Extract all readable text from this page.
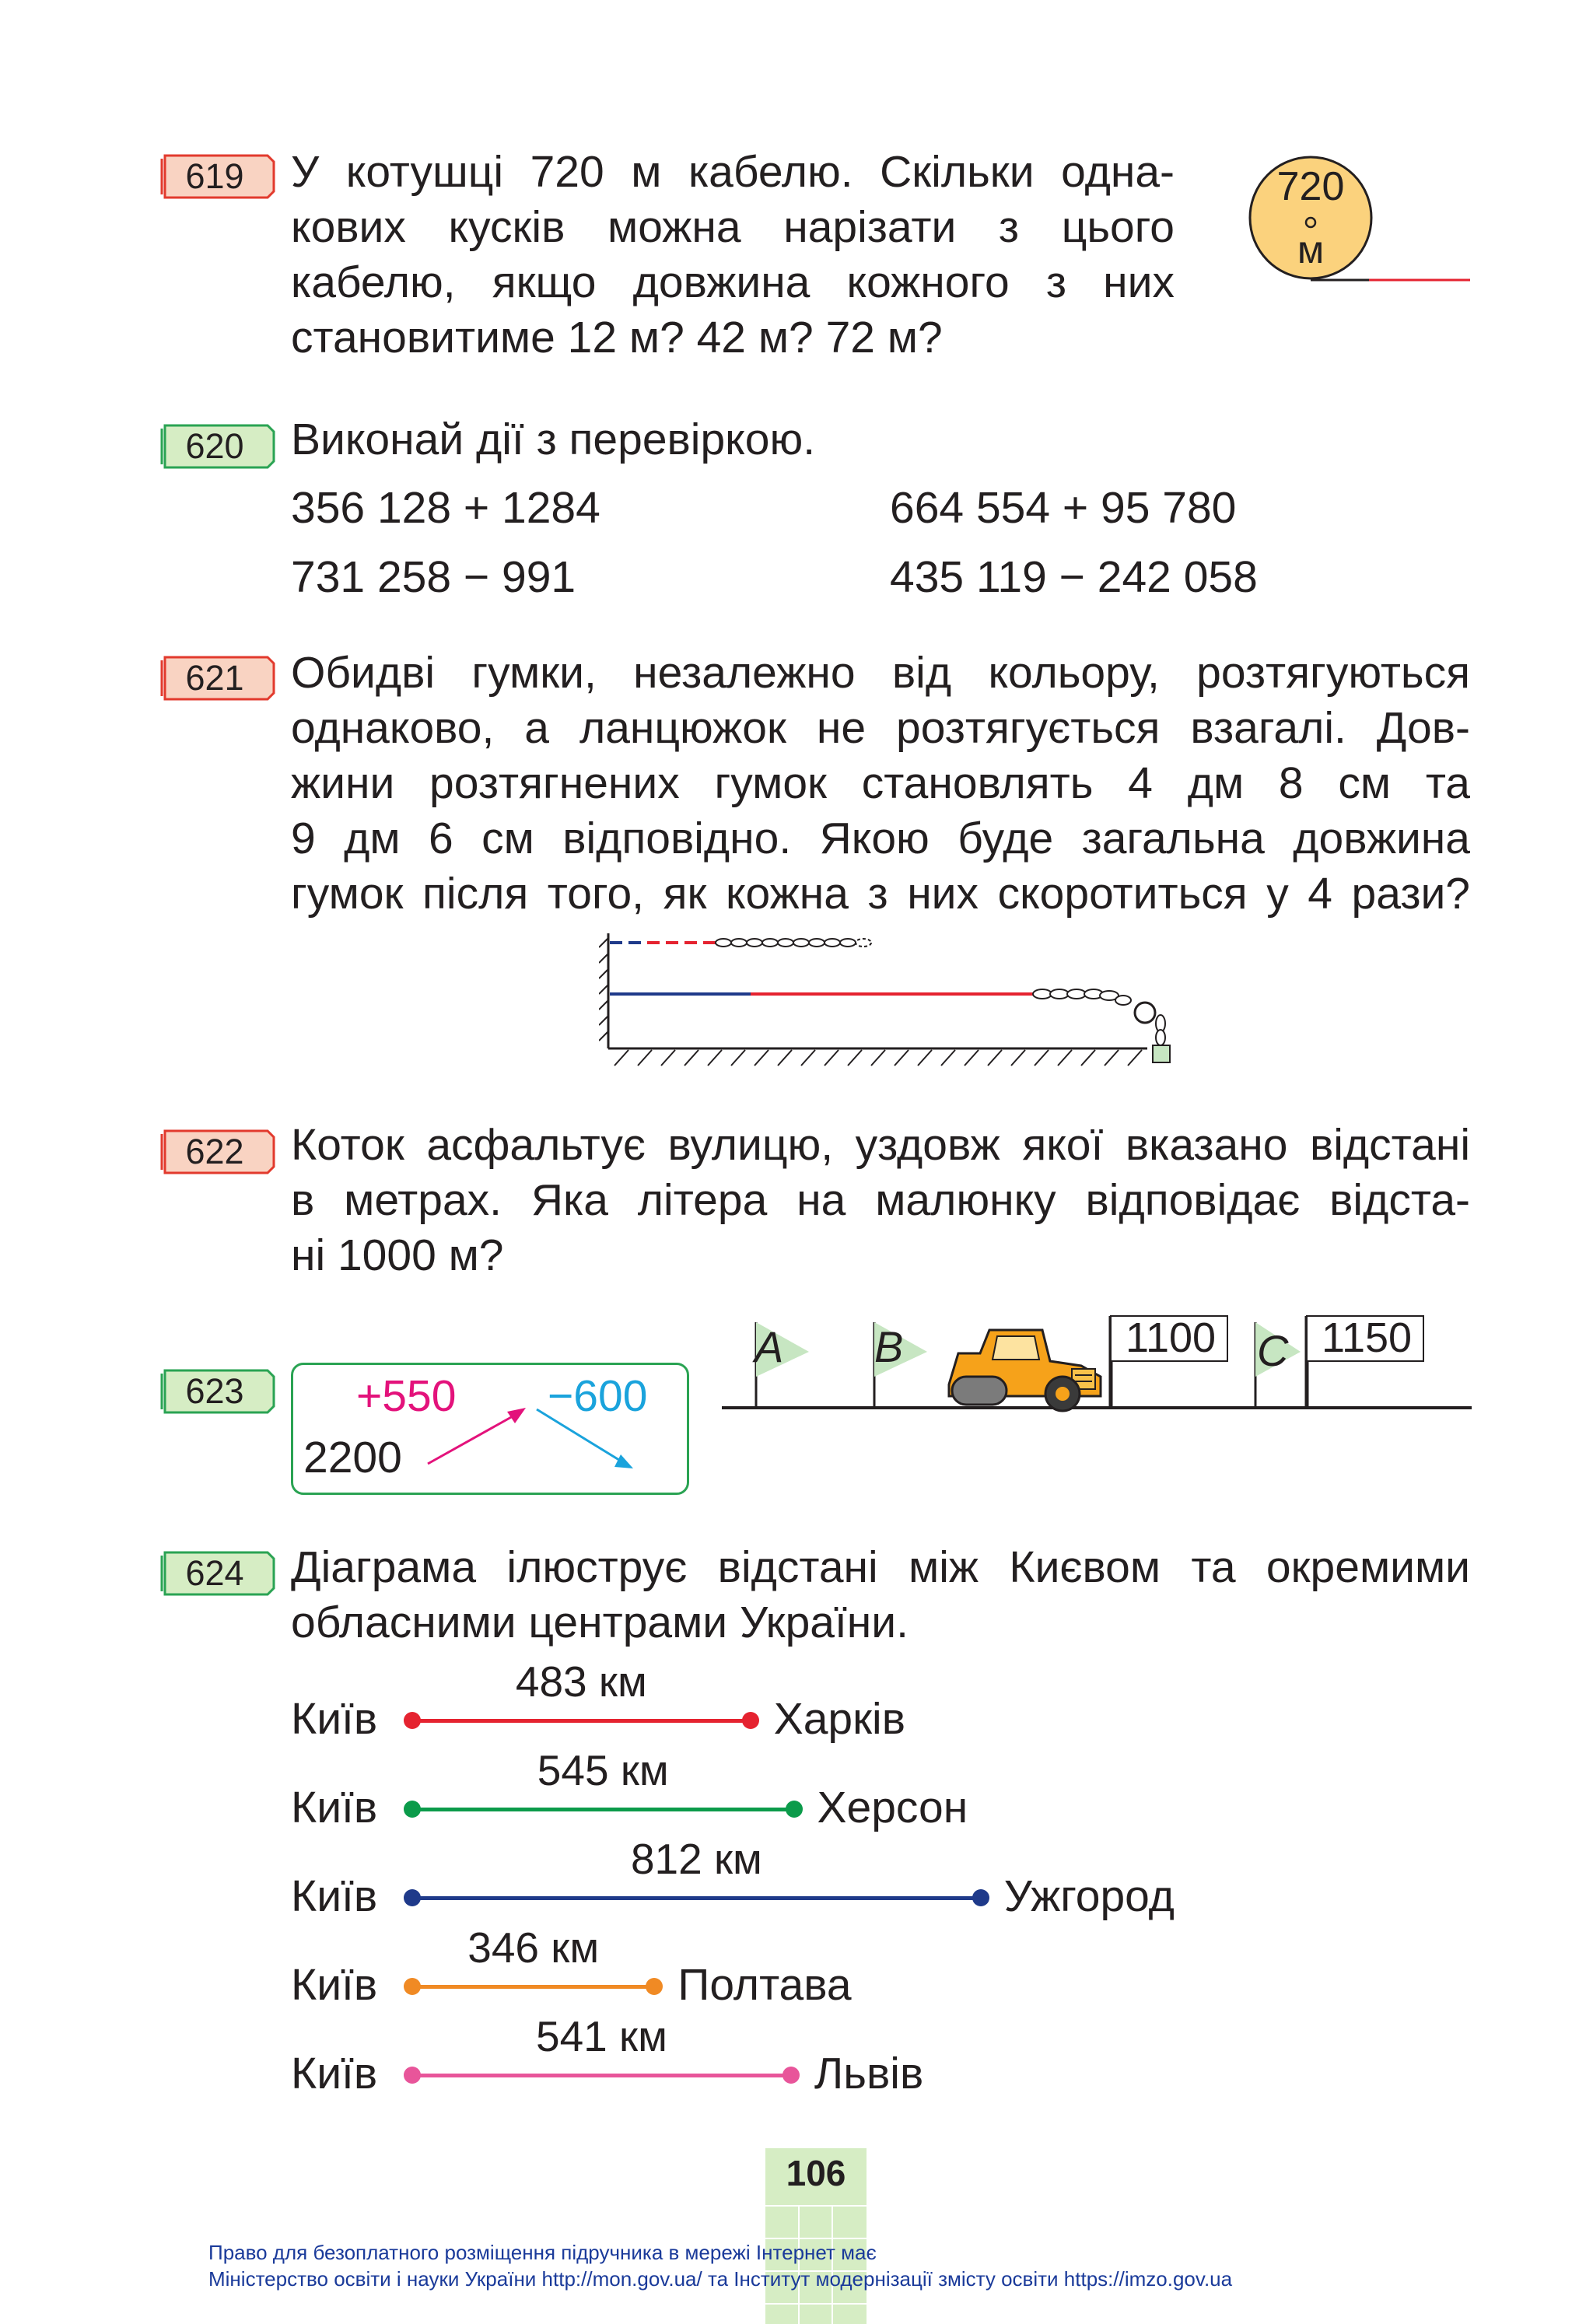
619	У котушці 720 м кабелю. Скільки одна-
кових кусків можна нарізати з цього
кабелю, якщо довжина кожного з них
становитиме 12 м? 42 м? 72 м?
720
м
620	Виконай дії з перевіркою.
356 128 + 1284	664 554 + 95 780
731 258 − 991	435 119 − 242 058
621	Обидві гумки, незалежно від кольору, розтягуються
однаково, а ланцюжок не розтягується взагалі. Дов-
жини розтягнених гумок становлять 4 дм 8 см та
9 дм 6 см відповідно. Якою буде загальна довжина
гумок після того, як кожна з них скоротиться у 4 рази?
622	Коток асфальтує вулицю, уздовж якої вказано відстані
в метрах. Яка літера на малюнку відповідає відста-
ні 1000 м?
A B	C
1100	1150
623	+550 −600
2200
624	Діаграма ілюструє відстані між Києвом та окремими
обласними центрами України.
Київ
483 км
Харків
Київ
545 км
Херсон
Київ
812 км
Ужгород
Київ
346 км
Полтава
Київ
541 км
Львів
106
Право для безоплатного розміщення підручника в мережі Інтернет має
Міністерство освіти і науки України http://mon.gov.ua/ та Інститут модернізації змісту освіти https://imzo.gov.ua
